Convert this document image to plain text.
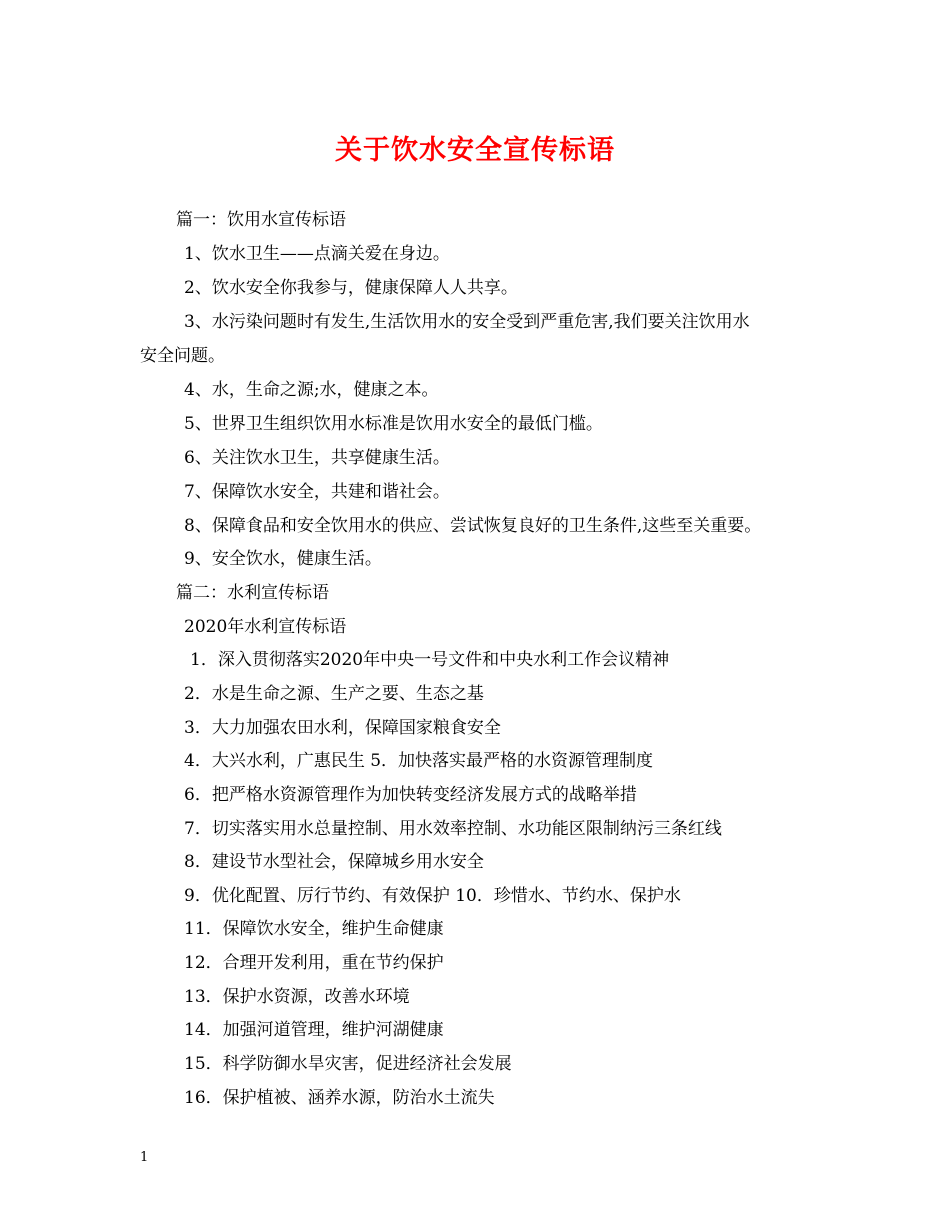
关于饮水安全宣传标语
篇一：饮用水宣传标语
1、饮水卫生——点滴关爱在身边。
2、饮水安全你我参与，健康保障人人共享。
3、水污染问题时有发生,生活饮用水的安全受到严重危害,我们要关注饮用水
安全问题。
4、水，生命之源;水，健康之本。
5、世界卫生组织饮用水标准是饮用水安全的最低门槛。
6、关注饮水卫生，共享健康生活。
7、保障饮水安全，共建和谐社会。
8、保障食品和安全饮用水的供应、尝试恢复良好的卫生条件,这些至关重要。
9、安全饮水，健康生活。
篇二：水利宣传标语
2020年水利宣传标语
1．深入贯彻落实2020年中央一号文件和中央水利工作会议精神
2．水是生命之源、生产之要、生态之基
3．大力加强农田水利，保障国家粮食安全
4．大兴水利，广惠民生 5．加快落实最严格的水资源管理制度
6．把严格水资源管理作为加快转变经济发展方式的战略举措
7．切实落实用水总量控制、用水效率控制、水功能区限制纳污三条红线
8．建设节水型社会，保障城乡用水安全
9．优化配置、厉行节约、有效保护 10．珍惜水、节约水、保护水
11．保障饮水安全，维护生命健康
12．合理开发利用，重在节约保护
13．保护水资源，改善水环境
14．加强河道管理，维护河湖健康
15．科学防御水旱灾害，促进经济社会发展
16．保护植被、涵养水源，防治水土流失
1
